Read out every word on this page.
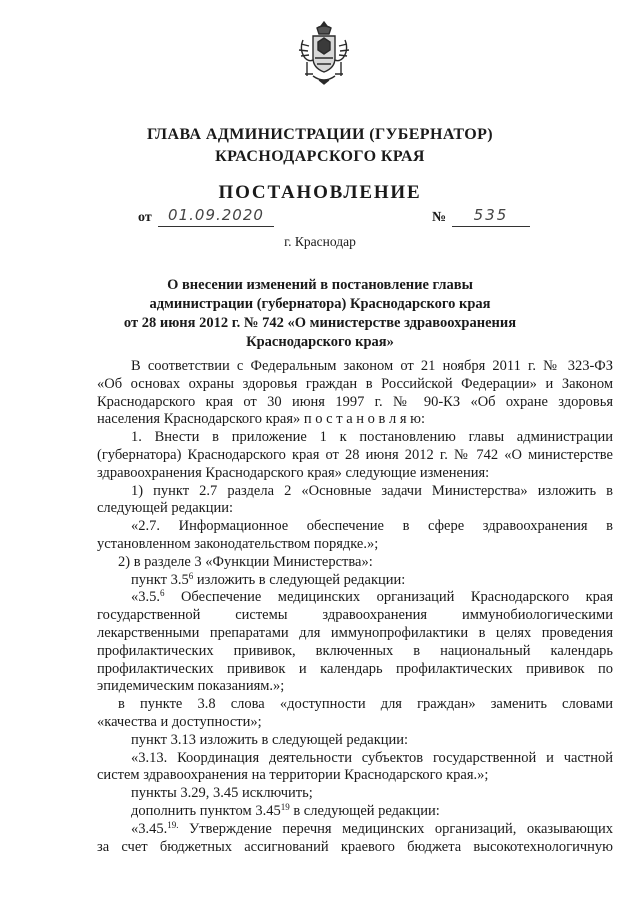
ГЛАВА АДМИНИСТРАЦИИ (ГУБЕРНАТОР)
КРАСНОДАРСКОГО КРАЯ
ПОСТАНОВЛЕНИЕ
от	01.09.2020	№	535
г. Краснодар
О внесении изменений в постановление главы
администрации (губернатора) Краснодарского края
от 28 июня 2012 г. № 742 «О министерстве здравоохранения
Краснодарского края»
В соответствии с Федеральным законом от 21 ноября 2011 г. № 323-ФЗ
«Об основах охраны здоровья граждан в Российской Федерации» и Законом
Краснодарского края от 30 июня 1997 г. № 90-КЗ «Об охране здоровья
населения Краснодарского края» п о с т а н о в л я ю:
1. Внести в приложение 1 к постановлению главы администрации
(губернатора) Краснодарского края от 28 июня 2012 г. № 742 «О министерстве
здравоохранения Краснодарского края» следующие изменения:
1) пункт 2.7 раздела 2 «Основные задачи Министерства» изложить в
следующей редакции:
«2.7. Информационное обеспечение в сфере здравоохранения в
установленном законодательством порядке.»;
2) в разделе 3 «Функции Министерства»:
пункт $3.5^6$ изложить в следующей редакции:
«3.5.$^6$ Обеспечение медицинских организаций Краснодарского края
государственной системы здравоохранения иммунобиологическими
лекарственными препаратами для иммунопрофилактики в целях проведения
профилактических прививок, включенных в национальный календарь
профилактических прививок и календарь профилактических прививок по
эпидемическим показаниям.»;
в пункте 3.8 слова «доступности для граждан» заменить словами
«качества и доступности»;
пункт 3.13 изложить в следующей редакции:
«3.13. Координация деятельности субъектов государственной и частной
систем здравоохранения на территории Краснодарского края.»;
пункты 3.29, 3.45 исключить;
дополнить пунктом 3.45$^{19}$ в следующей редакции:
«3.45.$^{19.}$ Утверждение перечня медицинских организаций, оказывающих
за счет бюджетных ассигнований краевого бюджета высокотехнологичную
